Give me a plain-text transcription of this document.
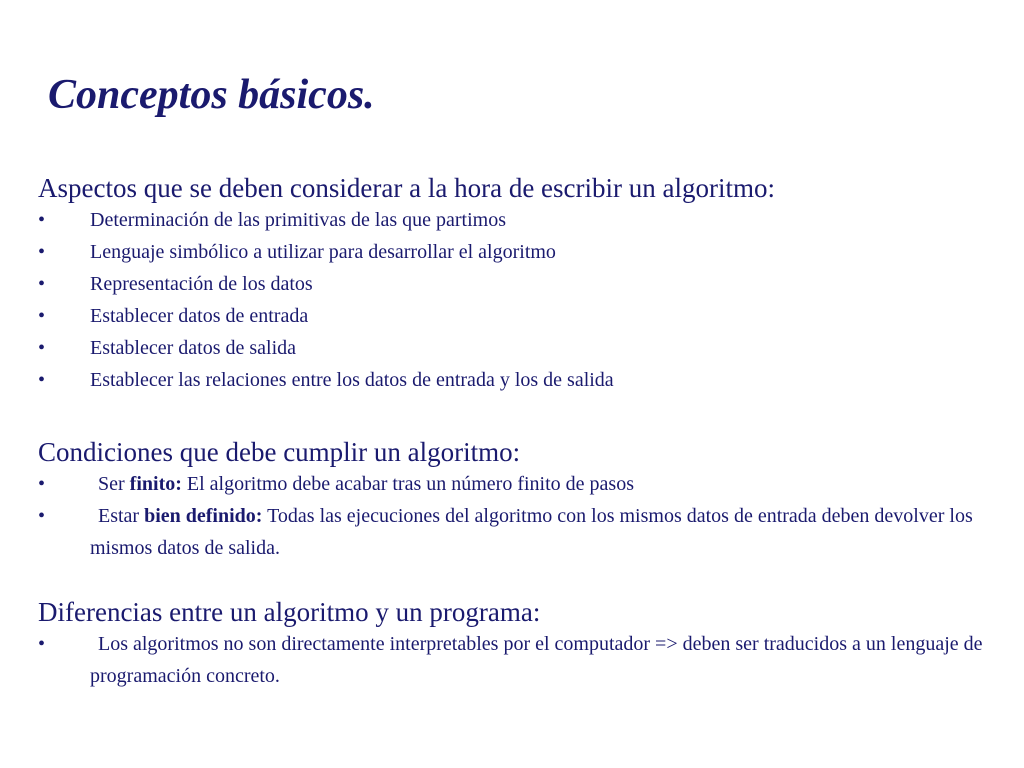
Conceptos básicos.

Aspectos que se deben considerar a la hora de escribir un algoritmo:

• Determinación de las primitivas de las que partimos
• Lenguaje simbólico a utilizar para desarrollar el algoritmo
• Representación de los datos
• Establecer datos de entrada
• Establecer datos de salida
• Establecer las relaciones entre los datos de entrada y los de salida

Condiciones que debe cumplir un algoritmo:

•	Ser finito: El algoritmo debe acabar tras un número finito de pasos
•	Estar bien definido: Todas las ejecuciones del algoritmo con los mismos datos de entrada deben devolver los mismos datos de salida.

Diferencias entre un algoritmo y un programa:

•	Los algoritmos no son directamente interpretables por el computador => deben ser traducidos a un lenguaje de programación concreto.
